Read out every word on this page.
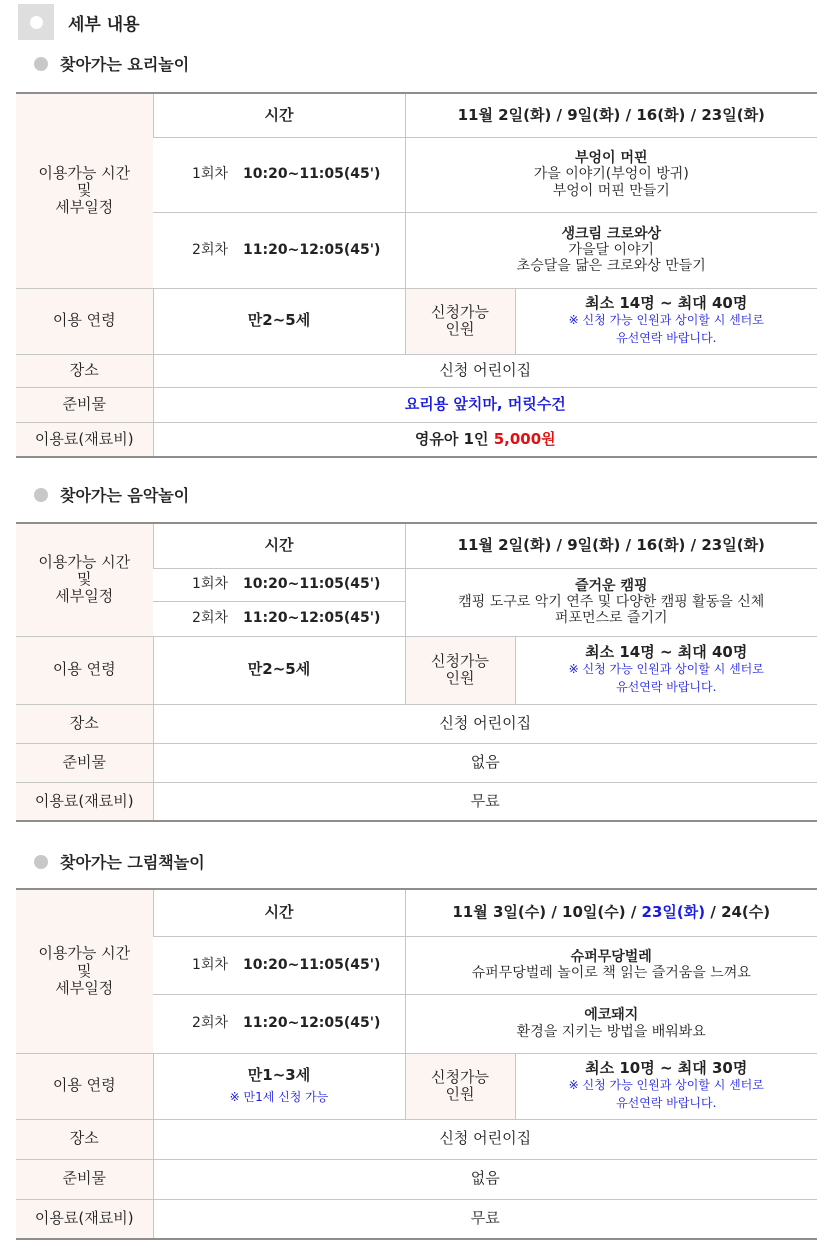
세부 내용
찾아가는 요리놀이
이용가능 시간
및
세부일정	시간	11월 2일(화) / 9일(화) / 16(화) / 23일(화)	
	1회차 10:20~11:05(45')	부엉이 머핀
가을 이야기(부엉이 방귀)
부엉이 머핀 만들기	
	2회차 11:20~12:05(45')	생크림 크로와상
가을달 이야기
초승달을 닮은 크로와상 만들기	
이용 연령	만2~5세	신청가능
인원	최소 14명 ~ 최대 40명
※ 신청 가능 인원과 상이할 시 센터로
유선연락 바랍니다.
장소	신청 어린이집		
준비물	요리용 앞치마, 머릿수건		
이용료(재료비)	영유아 1인 5,000원		
찾아가는 음악놀이
이용가능 시간
및
세부일정	시간	11월 2일(화) / 9일(화) / 16(화) / 23일(화)	
	1회차 10:20~11:05(45')	즐거운 캠핑
캠핑 도구로 악기 연주 및 다양한 캠핑 활동을 신체
퍼포먼스로 즐기기	
	2회차 11:20~12:05(45')		
이용 연령	만2~5세	신청가능
인원	최소 14명 ~ 최대 40명
※ 신청 가능 인원과 상이할 시 센터로
유선연락 바랍니다.
장소	신청 어린이집		
준비물	없음		
이용료(재료비)	무료		
찾아가는 그림책놀이
이용가능 시간
및
세부일정	시간	11월 3일(수) / 10일(수) / 23일(화) / 24(수)	
	1회차 10:20~11:05(45')	슈퍼무당벌레
슈퍼무당벌레 놀이로 책 읽는 즐거움을 느껴요	
	2회차 11:20~12:05(45')	에코돼지
환경을 지키는 방법을 배워봐요	
이용 연령	만1~3세
※ 만1세 신청 가능	신청가능
인원	최소 10명 ~ 최대 30명
※ 신청 가능 인원과 상이할 시 센터로
유선연락 바랍니다.
장소	신청 어린이집		
준비물	없음		
이용료(재료비)	무료		
